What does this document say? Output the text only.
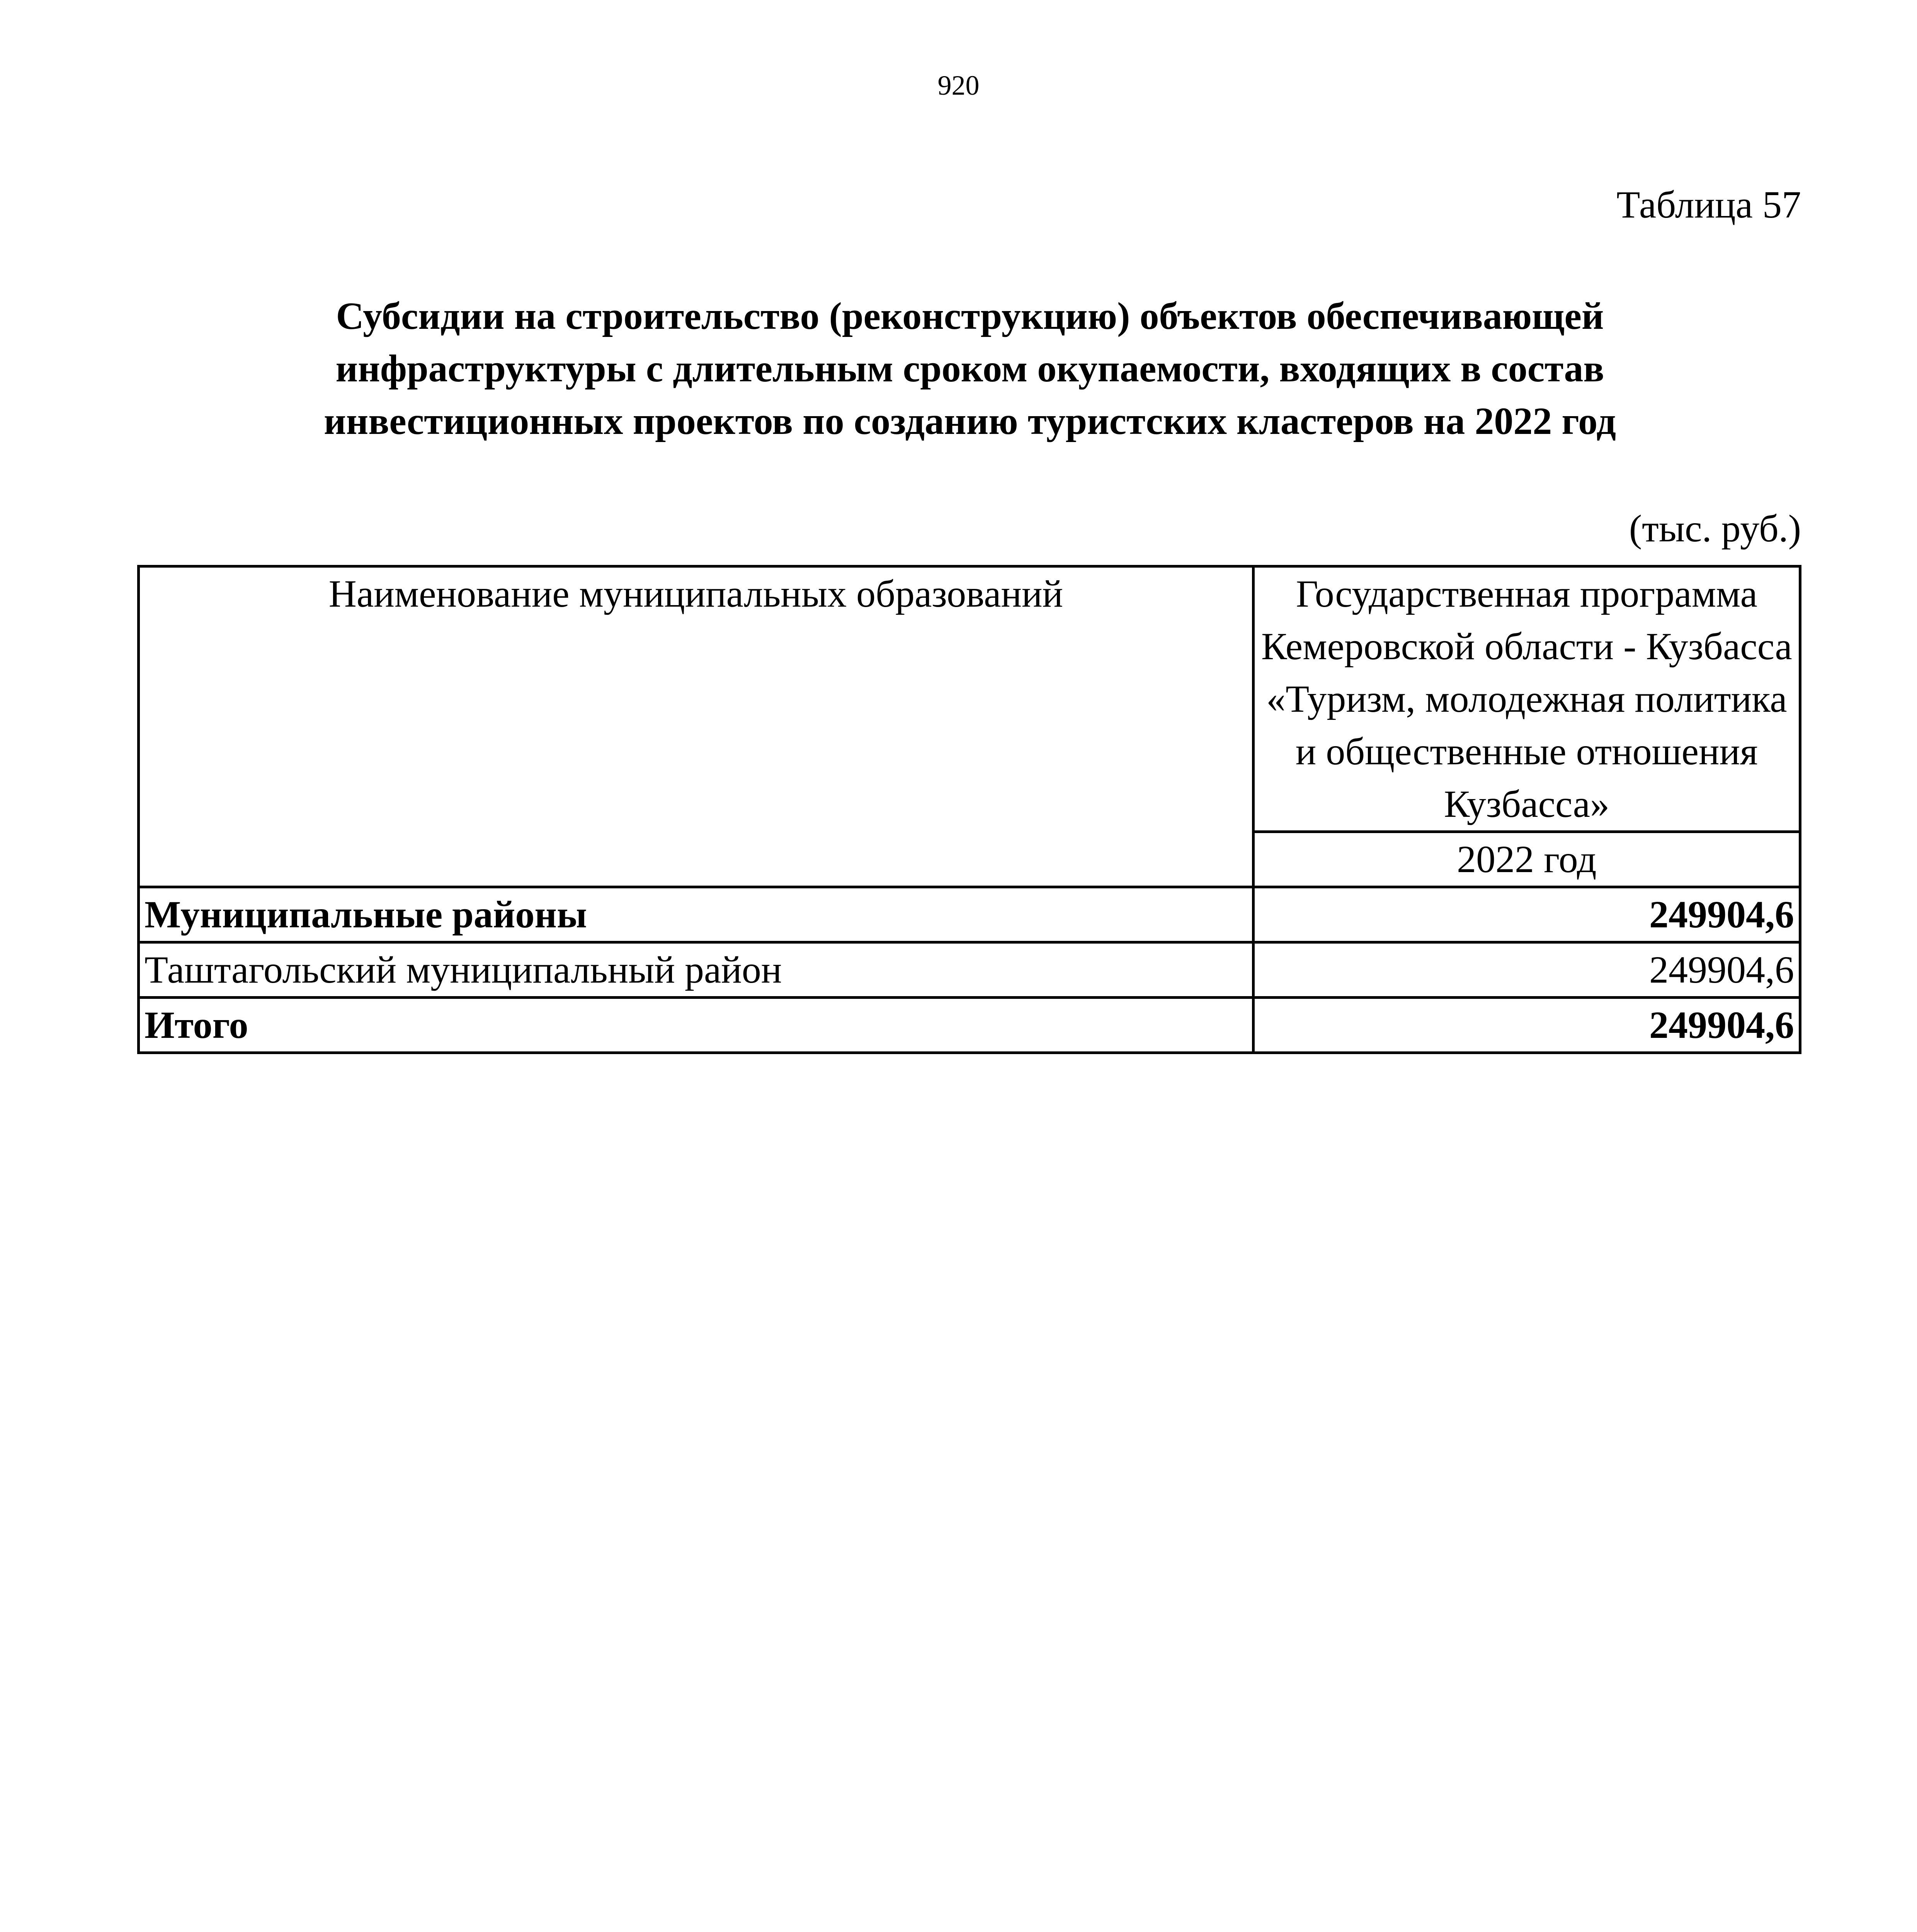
920
Таблица 57
Субсидии на строительство (реконструкцию) объектов обеспечивающей
инфраструктуры с длительным сроком окупаемости, входящих в состав
инвестиционных проектов по созданию туристских кластеров на 2022 год
(тыс. руб.)
Наименование муниципальных образований	Государственная программа Кемеровской области - Кузбасса «Туризм, молодежная политика и общественные отношения Кузбасса»
	2022 год
Муниципальные районы	249904,6
Таштагольский муниципальный район	249904,6
Итого	249904,6
